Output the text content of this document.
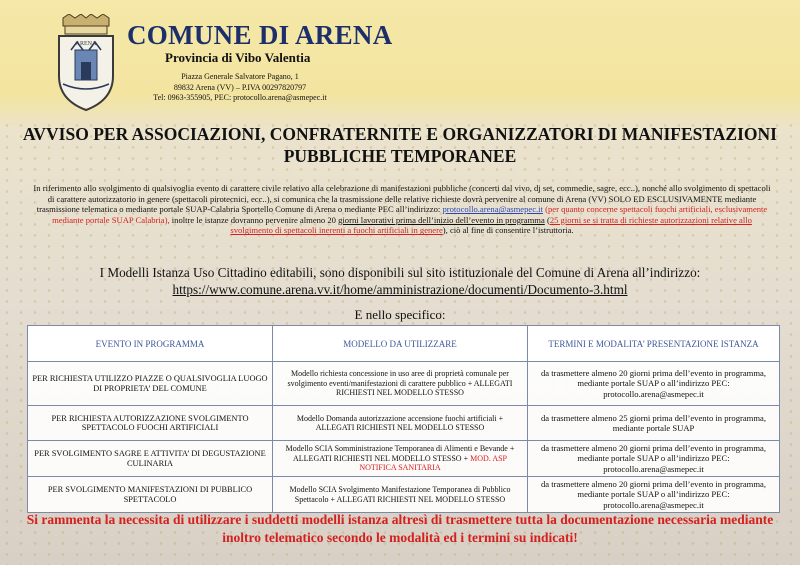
ARENA COMUNE DI ARENA
Provincia di Vibo Valentia
Piazza Generale Salvatore Pagano, 1
89832 Arena (VV) – P.IVA 00297820797
Tel: 0963-355905, PEC: protocollo.arena@asmepec.it
AVVISO PER ASSOCIAZIONI, CONFRATERNITE E ORGANIZZATORI DI MANIFESTAZIONI PUBBLICHE TEMPORANEE
In riferimento allo svolgimento di qualsivoglia evento di carattere civile relativo alla celebrazione di manifestazioni pubbliche (concerti dal vivo, dj set, commedie, sagre, ecc..), nonché allo svolgimento di spettacoli di carattere autorizzatorio in genere (spettacoli pirotecnici, ecc..), si comunica che la trasmissione delle relative richieste dovrà pervenire al comune di Arena (VV) SOLO ED ESCLUSIVAMENTE mediante trasmissione telematica o mediante portale SUAP-Calabria Sportello Comune di Arena o mediante PEC all’indirizzo: protocollo.arena@asmepec.it (per quanto concerne spettacoli fuochi artificiali, esclusivamente mediante portale SUAP Calabria), inoltre le istanze dovranno pervenire almeno 20 giorni lavorativi prima dell’inizio dell’evento in programma (25 giorni se si tratta di richieste autorizzazioni relative allo svolgimento di spettacoli inerenti a fuochi artificiali in genere), ciò al fine di consentire l’istruttoria.
I Modelli Istanza Uso Cittadino editabili, sono disponibili sul sito istituzionale del Comune di Arena all’indirizzo:
https://www.comune.arena.vv.it/home/amministrazione/documenti/Documento-3.html
E nello specifico:
EVENTO IN PROGRAMMA	MODELLO DA UTILIZZARE	TERMINI E MODALITA’ PRESENTAZIONE ISTANZA
PER RICHIESTA UTILIZZO PIAZZE O QUALSIVOGLIA LUOGO DI PROPRIETA’ DEL COMUNE	Modello richiesta concessione in uso aree di proprietà comunale per svolgimento eventi/manifestazioni di carattere pubblico + ALLEGATI RICHIESTI NEL MODELLO STESSO	da trasmettere almeno 20 giorni prima dell’evento in programma, mediante portale SUAP o all’indirizzo PEC: protocollo.arena@asmepec.it
PER RICHIESTA AUTORIZZAZIONE SVOLGIMENTO SPETTACOLO FUOCHI ARTIFICIALI	Modello Domanda autorizzazione accensione fuochi artificiali + ALLEGATI RICHIESTI NEL MODELLO STESSO	da trasmettere almeno 25 giorni prima dell’evento in programma, mediante portale SUAP
PER SVOLGIMENTO SAGRE E ATTIVITA’ DI DEGUSTAZIONE CULINARIA	Modello SCIA Somministrazione Temporanea di Alimenti e Bevande + ALLEGATI RICHIESTI NEL MODELLO STESSO + MOD. ASP NOTIFICA SANITARIA	da trasmettere almeno 20 giorni prima dell’evento in programma, mediante portale SUAP o all’indirizzo PEC: protocollo.arena@asmepec.it
PER SVOLGIMENTO MANIFESTAZIONI DI PUBBLICO SPETTACOLO	Modello SCIA Svolgimento Manifestazione Temporanea di Pubblico Spettacolo + ALLEGATI RICHIESTI NEL MODELLO STESSO	da trasmettere almeno 20 giorni prima dell’evento in programma, mediante portale SUAP o all’indirizzo PEC: protocollo.arena@asmepec.it
Si rammenta la necessita di utilizzare i suddetti modelli istanza altresì di trasmettere tutta la documentazione necessaria mediante inoltro telematico secondo le modalità ed i termini su indicati!
